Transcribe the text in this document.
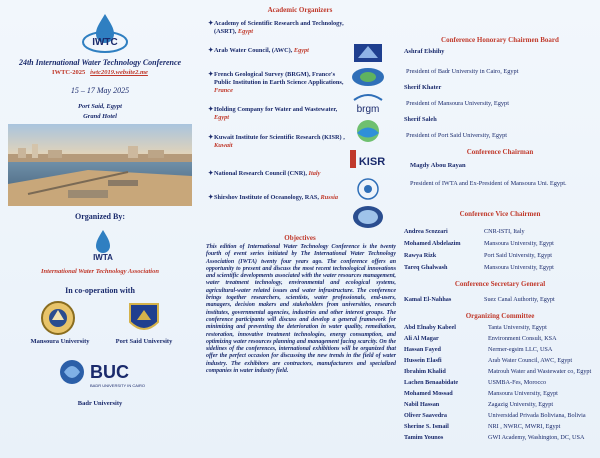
IWTC
24th International Water Technology Conference
IWTC-2025 iwtc2019.website2.me
15 – 17 May 2025
Port Said, Egypt
Grand Hotel
Organized By:
IWTA
International Water Technology Association
In co-operation with
Mansoura University	Port Said University
BUC
BADR UNIVERSITY IN CAIRO
Badr University
Academic Organizers
✦ Academy of Scientific Research and Technology, (ASRT), Egypt
✦ Arab Water Council, (AWC), Egypt
✦ French Geological Survey (BRGM), France's Public Institution in Earth Science Applications, France
✦ Holding Company for Water and Wastewater, Egypt
✦ Kuwait Institute for Scientific Research (KISR) , Kuwait
✦ National Research Council (CNR), Italy
✦ Shirshov Institute of Oceanology, RAS, Russia
brgm
KISR
Objectives
This edition of International Water Technology Conference is the twenty fourth of event series initiated by The International Water Technology Association (IWTA) twenty four years ago. The conference offers an opportunity to present and discuss the most recent technological innovations and scientific developments associated with the water resources management, water treatment technology, environmental and ecological systems, agricultural-water related issues and water infrastructure. The conference brings together researchers, scientists, water professionals, end-users, managers, decision makers and stakeholders from universities, research institutes, governmental agencies, industries and other interest groups. The conference participants will discuss and develop a general framework for minimizing and preventing the deterioration in water quality, remediation, restoration, innovative treatment technologies, energy consumption, and optimizing water resources planning and management facing scarcity. On the sidelines of the conferences, international exhibitions will be organized that offer the perfect occasion for discussing the new trends in the field of water industry. The exhibitors are contractors, manufacturers and specialized companies in water industry field.
Conference Honorary Chairmen Board
Ashraf Elshihy
President of Badr University in Cairo, Egypt
Sherif Khater
President of Mansoura University, Egypt
Sherif Saleh
President of Port Said University, Egypt
Conference Chairman
Magdy Abou Rayan
President of IWTA and Ex-President of Mansoura Uni. Egypt.
Conference Vice Chairmen
Andrea Scozzari	CNR-ISTI, Italy
Mohamed Abdelazim	Mansoura University, Egypt
Rawya Rizk	Port Said University, Egypt
Tareq Ghalwash	Mansoura University, Egypt
Conference Secretary General
Kamal El-Nahhas	Suez Canal Authority, Egypt
Organizing Committee
Abd Elnaby Kabeel	Tanta University, Egypt
Ali Al Magar	Environment Consult, KSA
Hassan Fayed	Nermer-egsim LLC, USA
Hussein Elasfi	Arab Water Council, AWC, Egypt
Ibrahim Khalid	Matrouh Water and Wastewater co, Egypt
Lachen Benaabidate	USMBA-Fes, Morocco
Mohamed Mossad	Mansoura University, Egypt
Nabil Hassan	Zagazig University, Egypt
Oliver Saavedra	Universidad Privada Boliviana, Bolivia
Sherine S. Ismail	NRI , NWRC, MWRI, Egypt
Tamim Younos	GWI Academy, Washington, DC, USA
